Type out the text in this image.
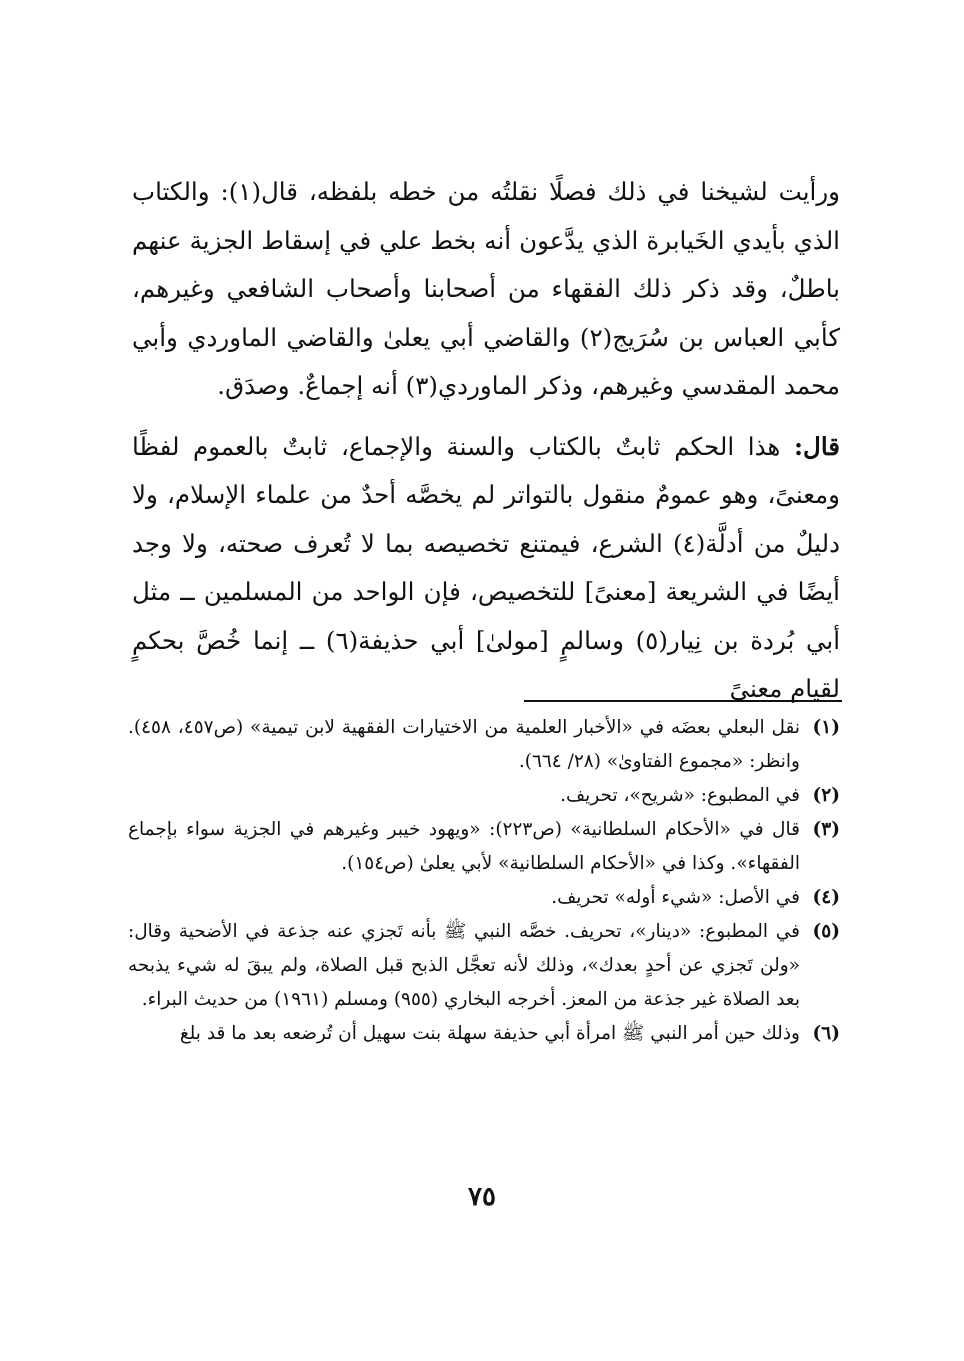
ورأيت لشيخنا في ذلك فصلًا نقلتُه من خطه بلفظه، قال(١): والكتاب الذي بأيدي الخَيابرة الذي يدَّعون أنه بخط علي في إسقاط الجزية عنهم باطلٌ، وقد ذكر ذلك الفقهاء من أصحابنا وأصحاب الشافعي وغيرهم، كأبي العباس بن سُرَيج(٢) والقاضي أبي يعلىٰ والقاضي الماوردي وأبي محمد المقدسي وغيرهم، وذكر الماوردي(٣) أنه إجماعٌ. وصدَق.

قال: هذا الحكم ثابتٌ بالكتاب والسنة والإجماع، ثابتٌ بالعموم لفظًا ومعنىً، وهو عمومٌ منقول بالتواتر لم يخصَّه أحدٌ من علماء الإسلام، ولا دليلٌ من أدلَّة(٤) الشرع، فيمتنع تخصيصه بما لا تُعرف صحته، ولا وجد أيضًا في الشريعة [معنىً] للتخصيص، فإن الواحد من المسلمين ــ مثل أبي بُردة بن نِيار(٥) وسالمٍ [مولىٰ] أبي حذيفة(٦) ــ إنما خُصَّ بحكمٍ لقيام معنىً

(١)
نقل البعلي بعضَه في «الأخبار العلمية من الاختيارات الفقهية لابن تيمية» (ص٤٥٧، ٤٥٨). وانظر: «مجموع الفتاوىٰ» (٢٨/ ٦٦٤).
(٢)
في المطبوع: «شريح»، تحريف.
(٣)
قال في «الأحكام السلطانية» (ص٢٢٣): «ويهود خيبر وغيرهم في الجزية سواء بإجماع الفقهاء». وكذا في «الأحكام السلطانية» لأبي يعلىٰ (ص١٥٤).
(٤)
في الأصل: «شيء أوله» تحريف.
(٥)
في المطبوع: «دينار»، تحريف. خصَّه النبي ﷺ بأنه تَجزي عنه جذعة في الأضحية وقال: «ولن تَجزي عن أحدٍ بعدك»، وذلك لأنه تعجَّل الذبح قبل الصلاة، ولم يبقَ له شيء يذبحه بعد الصلاة غير جذعة من المعز. أخرجه البخاري (٩٥٥) ومسلم (١٩٦١) من حديث البراء.
(٦)
وذلك حين أمر النبي ﷺ امرأة أبي حذيفة سهلة بنت سهيل أن تُرضعه بعد ما قد بلغ
٧٥
